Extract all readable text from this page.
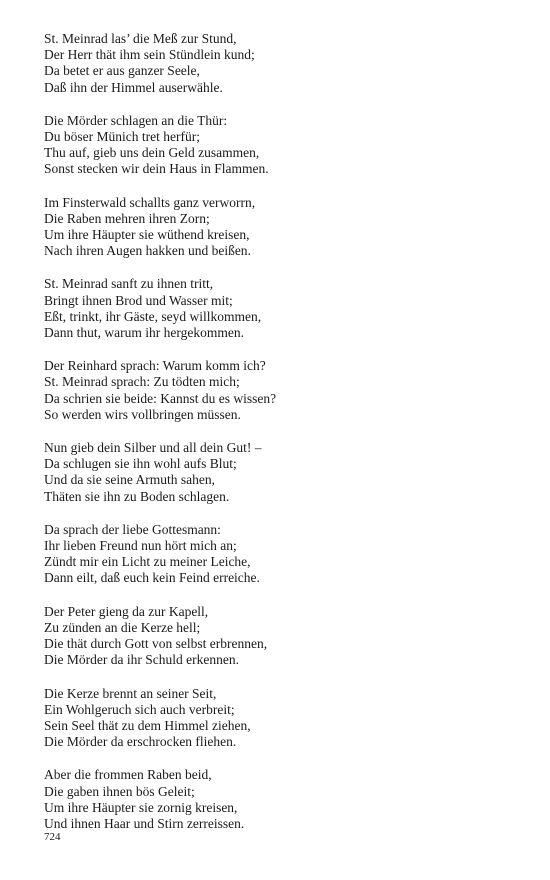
St. Meinrad las’ die Meß zur Stund,
Der Herr thät ihm sein Stündlein kund;
Da betet er aus ganzer Seele,
Daß ihn der Himmel auserwähle.
Die Mörder schlagen an die Thür:
Du böser Münich tret herfür;
Thu auf, gieb uns dein Geld zusammen,
Sonst stecken wir dein Haus in Flammen.
Im Finsterwald schallts ganz verworrn,
Die Raben mehren ihren Zorn;
Um ihre Häupter sie wüthend kreisen,
Nach ihren Augen hakken und beißen.
St. Meinrad sanft zu ihnen tritt,
Bringt ihnen Brod und Wasser mit;
Eßt, trinkt, ihr Gäste, seyd willkommen,
Dann thut, warum ihr hergekommen.
Der Reinhard sprach: Warum komm ich?
St. Meinrad sprach: Zu tödten mich;
Da schrien sie beide: Kannst du es wissen?
So werden wirs vollbringen müssen.
Nun gieb dein Silber und all dein Gut! –
Da schlugen sie ihn wohl aufs Blut;
Und da sie seine Armuth sahen,
Thäten sie ihn zu Boden schlagen.
Da sprach der liebe Gottesmann:
Ihr lieben Freund nun hört mich an;
Zündt mir ein Licht zu meiner Leiche,
Dann eilt, daß euch kein Feind erreiche.
Der Peter gieng da zur Kapell,
Zu zünden an die Kerze hell;
Die thät durch Gott von selbst erbrennen,
Die Mörder da ihr Schuld erkennen.
Die Kerze brennt an seiner Seit,
Ein Wohlgeruch sich auch verbreit;
Sein Seel thät zu dem Himmel ziehen,
Die Mörder da erschrocken fliehen.
Aber die frommen Raben beid,
Die gaben ihnen bös Geleit;
Um ihre Häupter sie zornig kreisen,
Und ihnen Haar und Stirn zerreissen.
724
